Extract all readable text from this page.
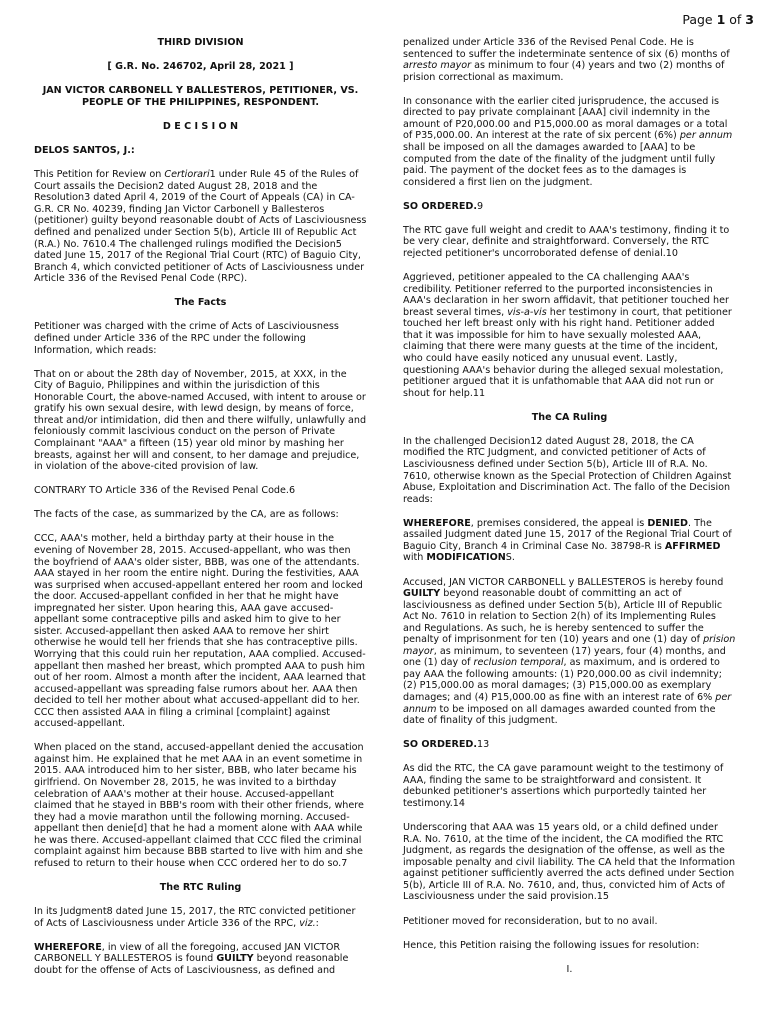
Page 1 of 3
THIRD DIVISION
[ G.R. No. 246702, April 28, 2021 ]
JAN VICTOR CARBONELL Y BALLESTEROS, PETITIONER, VS. PEOPLE OF THE PHILIPPINES, RESPONDENT.
D E C I S I O N

DELOS SANTOS, J.:

This Petition for Review on Certiorari1 under Rule 45 of the Rules of Court assails the Decision2 dated August 28, 2018 and the Resolution3 dated April 4, 2019 of the Court of Appeals (CA) in CA-G.R. CR No. 40239, finding Jan Victor Carbonell y Ballesteros (petitioner) guilty beyond reasonable doubt of Acts of Lasciviousness defined and penalized under Section 5(b), Article III of Republic Act (R.A.) No. 7610.4 The challenged rulings modified the Decision5 dated June 15, 2017 of the Regional Trial Court (RTC) of Baguio City, Branch 4, which convicted petitioner of Acts of Lasciviousness under Article 336 of the Revised Penal Code (RPC).

The Facts

Petitioner was charged with the crime of Acts of Lasciviousness defined under Article 336 of the RPC under the following Information, which reads:

That on or about the 28th day of November, 2015, at XXX, in the City of Baguio, Philippines and within the jurisdiction of this Honorable Court, the above-named Accused, with intent to arouse or gratify his own sexual desire, with lewd design, by means of force, threat and/or intimidation, did then and there wilfully, unlawfully and feloniously commit lascivious conduct on the person of Private Complainant "AAA" a fifteen (15) year old minor by mashing her breasts, against her will and consent, to her damage and prejudice, in violation of the above-cited provision of law.

CONTRARY TO Article 336 of the Revised Penal Code.6

The facts of the case, as summarized by the CA, are as follows:

CCC, AAA's mother, held a birthday party at their house in the evening of November 28, 2015. Accused-appellant, who was then the boyfriend of AAA's older sister, BBB, was one of the attendants. AAA stayed in her room the entire night. During the festivities, AAA was surprised when accused-appellant entered her room and locked the door. Accused-appellant confided in her that he might have impregnated her sister. Upon hearing this, AAA gave accused-appellant some contraceptive pills and asked him to give to her sister. Accused-appellant then asked AAA to remove her shirt otherwise he would tell her friends that she has contraceptive pills. Worrying that this could ruin her reputation, AAA complied. Accused-appellant then mashed her breast, which prompted AAA to push him out of her room. Almost a month after the incident, AAA learned that accused-appellant was spreading false rumors about her. AAA then decided to tell her mother about what accused-appellant did to her. CCC then assisted AAA in filing a criminal [complaint] against accused-appellant.

When placed on the stand, accused-appellant denied the accusation against him. He explained that he met AAA in an event sometime in 2015. AAA introduced him to her sister, BBB, who later became his girlfriend. On November 28, 2015, he was invited to a birthday celebration of AAA's mother at their house. Accused-appellant claimed that he stayed in BBB's room with their other friends, where they had a movie marathon until the following morning. Accused-appellant then denie[d] that he had a moment alone with AAA while he was there. Accused-appellant claimed that CCC filed the criminal complaint against him because BBB started to live with him and she refused to return to their house when CCC ordered her to do so.7

The RTC Ruling

In its Judgment8 dated June 15, 2017, the RTC convicted petitioner of Acts of Lasciviousness under Article 336 of the RPC, viz.:

WHEREFORE, in view of all the foregoing, accused JAN VICTOR CARBONELL Y BALLESTEROS is found GUILTY beyond reasonable doubt for the offense of Acts of Lasciviousness, as defined and

penalized under Article 336 of the Revised Penal Code. He is sentenced to suffer the indeterminate sentence of six (6) months of arresto mayor as minimum to four (4) years and two (2) months of prision correctional as maximum.

In consonance with the earlier cited jurisprudence, the accused is directed to pay private complainant [AAA] civil indemnity in the amount of P20,000.00 and P15,000.00 as moral damages or a total of P35,000.00. An interest at the rate of six percent (6%) per annum shall be imposed on all the damages awarded to [AAA] to be computed from the date of the finality of the judgment until fully paid. The payment of the docket fees as to the damages is considered a first lien on the judgment.

SO ORDERED.9

The RTC gave full weight and credit to AAA's testimony, finding it to be very clear, definite and straightforward. Conversely, the RTC rejected petitioner's uncorroborated defense of denial.10

Aggrieved, petitioner appealed to the CA challenging AAA's credibility. Petitioner referred to the purported inconsistencies in AAA's declaration in her sworn affidavit, that petitioner touched her breast several times, vis-a-vis her testimony in court, that petitioner touched her left breast only with his right hand. Petitioner added that it was impossible for him to have sexually molested AAA, claiming that there were many guests at the time of the incident, who could have easily noticed any unusual event. Lastly, questioning AAA's behavior during the alleged sexual molestation, petitioner argued that it is unfathomable that AAA did not run or shout for help.11

The CA Ruling

In the challenged Decision12 dated August 28, 2018, the CA modified the RTC Judgment, and convicted petitioner of Acts of Lasciviousness defined under Section 5(b), Article III of R.A. No. 7610, otherwise known as the Special Protection of Children Against Abuse, Exploitation and Discrimination Act. The fallo of the Decision reads:

WHEREFORE, premises considered, the appeal is DENIED. The assailed Judgment dated June 15, 2017 of the Regional Trial Court of Baguio City, Branch 4 in Criminal Case No. 38798-R is AFFIRMED with MODIFICATIONS.

Accused, JAN VICTOR CARBONELL y BALLESTEROS is hereby found GUILTY beyond reasonable doubt of committing an act of lasciviousness as defined under Section 5(b), Article III of Republic Act No. 7610 in relation to Section 2(h) of its Implementing Rules and Regulations. As such, he is hereby sentenced to suffer the penalty of imprisonment for ten (10) years and one (1) day of prision mayor, as minimum, to seventeen (17) years, four (4) months, and one (1) day of reclusion temporal, as maximum, and is ordered to pay AAA the following amounts: (1) P20,000.00 as civil indemnity; (2) P15,000.00 as moral damages; (3) P15,000.00 as exemplary damages; and (4) P15,000.00 as fine with an interest rate of 6% per annum to be imposed on all damages awarded counted from the date of finality of this judgment.

SO ORDERED.13

As did the RTC, the CA gave paramount weight to the testimony of AAA, finding the same to be straightforward and consistent. It debunked petitioner's assertions which purportedly tainted her testimony.14

Underscoring that AAA was 15 years old, or a child defined under R.A. No. 7610, at the time of the incident, the CA modified the RTC Judgment, as regards the designation of the offense, as well as the imposable penalty and civil liability. The CA held that the Information against petitioner sufficiently averred the acts defined under Section 5(b), Article III of R.A. No. 7610, and, thus, convicted him of Acts of Lasciviousness under the said provision.15

Petitioner moved for reconsideration, but to no avail.

Hence, this Petition raising the following issues for resolution:

I.
